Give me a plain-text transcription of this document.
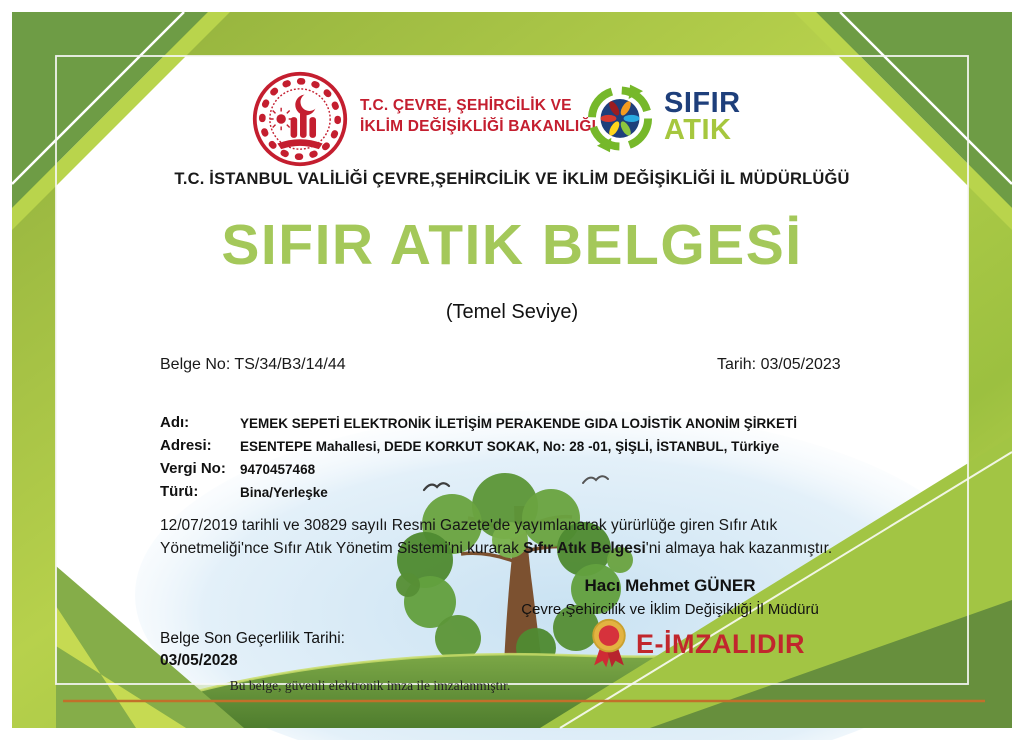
T.C. ÇEVRE, ŞEHİRCİLİK VE
İKLİM DEĞİŞİKLİĞİ BAKANLIĞI
SIFIR
ATIK
T.C. İSTANBUL VALİLİĞİ ÇEVRE,ŞEHİRCİLİK VE İKLİM DEĞİŞİKLİĞİ İL MÜDÜRLÜĞÜ
SIFIR ATIK BELGESİ
(Temel Seviye)
Belge No: TS/34/B3/14/44	Tarih: 03/05/2023
Adı:	YEMEK SEPETİ ELEKTRONİK İLETİŞİM PERAKENDE GIDA LOJİSTİK ANONİM ŞİRKETİ
Adresi:	ESENTEPE Mahallesi, DEDE KORKUT SOKAK, No: 28 -01, ŞİŞLİ, İSTANBUL, Türkiye
Vergi No:	9470457468
Türü:	Bina/Yerleşke
12/07/2019 tarihli ve 30829 sayılı Resmi Gazete'de yayımlanarak yürürlüğe giren Sıfır Atık Yönetmeliği'nce Sıfır Atık Yönetim Sistemi'ni kurarak Sıfır Atık Belgesi'ni almaya hak kazanmıştır.
Hacı Mehmet GÜNER
Çevre,Şehircilik ve İklim Değişikliği İl Müdürü
Belge Son Geçerlilik Tarihi:
03/05/2028
E-İMZALIDIR
Bu belge, güvenli elektronik imza ile imzalanmıştır.
